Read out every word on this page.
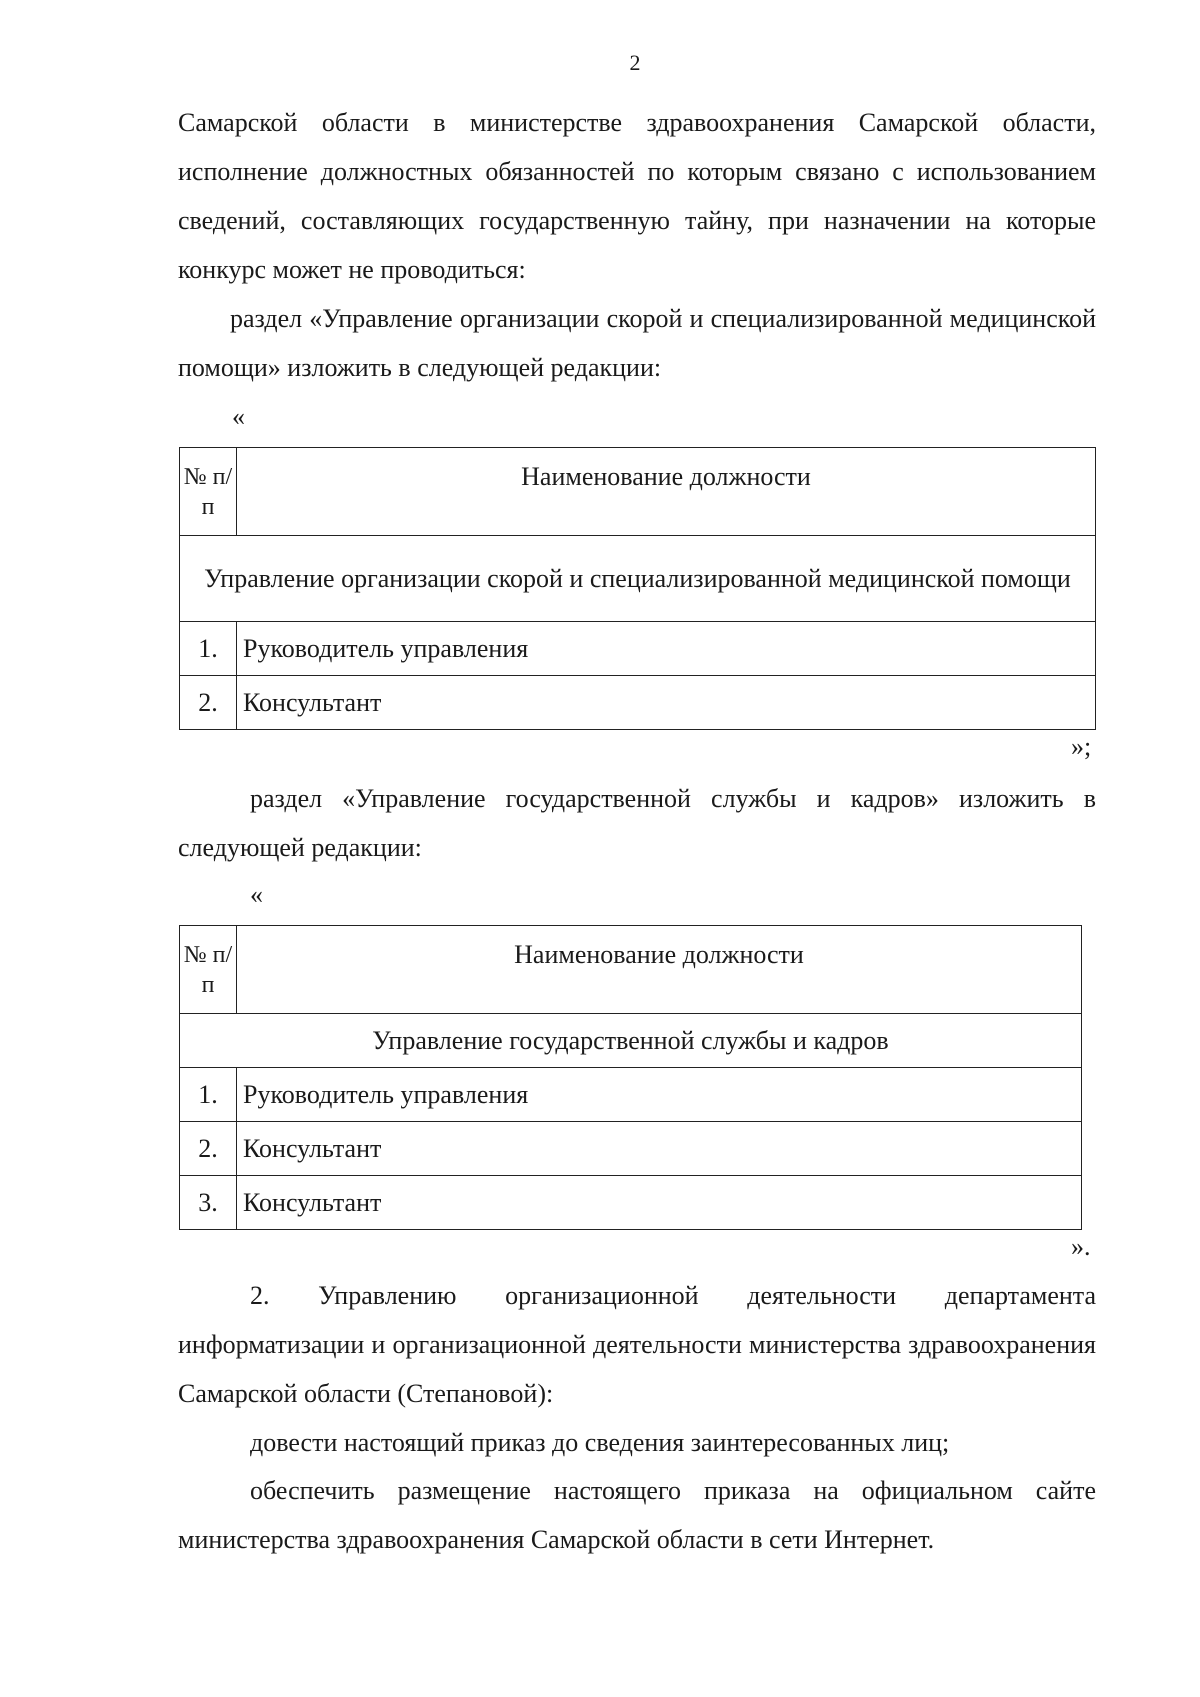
2

Самарской области в министерстве здравоохранения Самарской области, исполнение должностных обязанностей по которым связано с использованием сведений, составляющих государственную тайну, при назначении на которые конкурс может не проводиться:

раздел «Управление организации скорой и специализированной медицинской помощи» изложить в следующей редакции:

«
№ п/п	Наименование должности
Управление организации скорой и специализированной медицинской помощи	
1.	Руководитель управления
2.	Консультант
»;

раздел «Управление государственной службы и кадров» изложить в следующей редакции:

«
№ п/п	Наименование должности
Управление государственной службы и кадров	
1.	Руководитель управления
2.	Консультант
3.	Консультант
».

2. Управлению организационной деятельности департамента информатизации и организационной деятельности министерства здравоохранения Самарской области (Степановой):

довести настоящий приказ до сведения заинтересованных лиц;

обеспечить размещение настоящего приказа на официальном сайте министерства здравоохранения Самарской области в сети Интернет.
